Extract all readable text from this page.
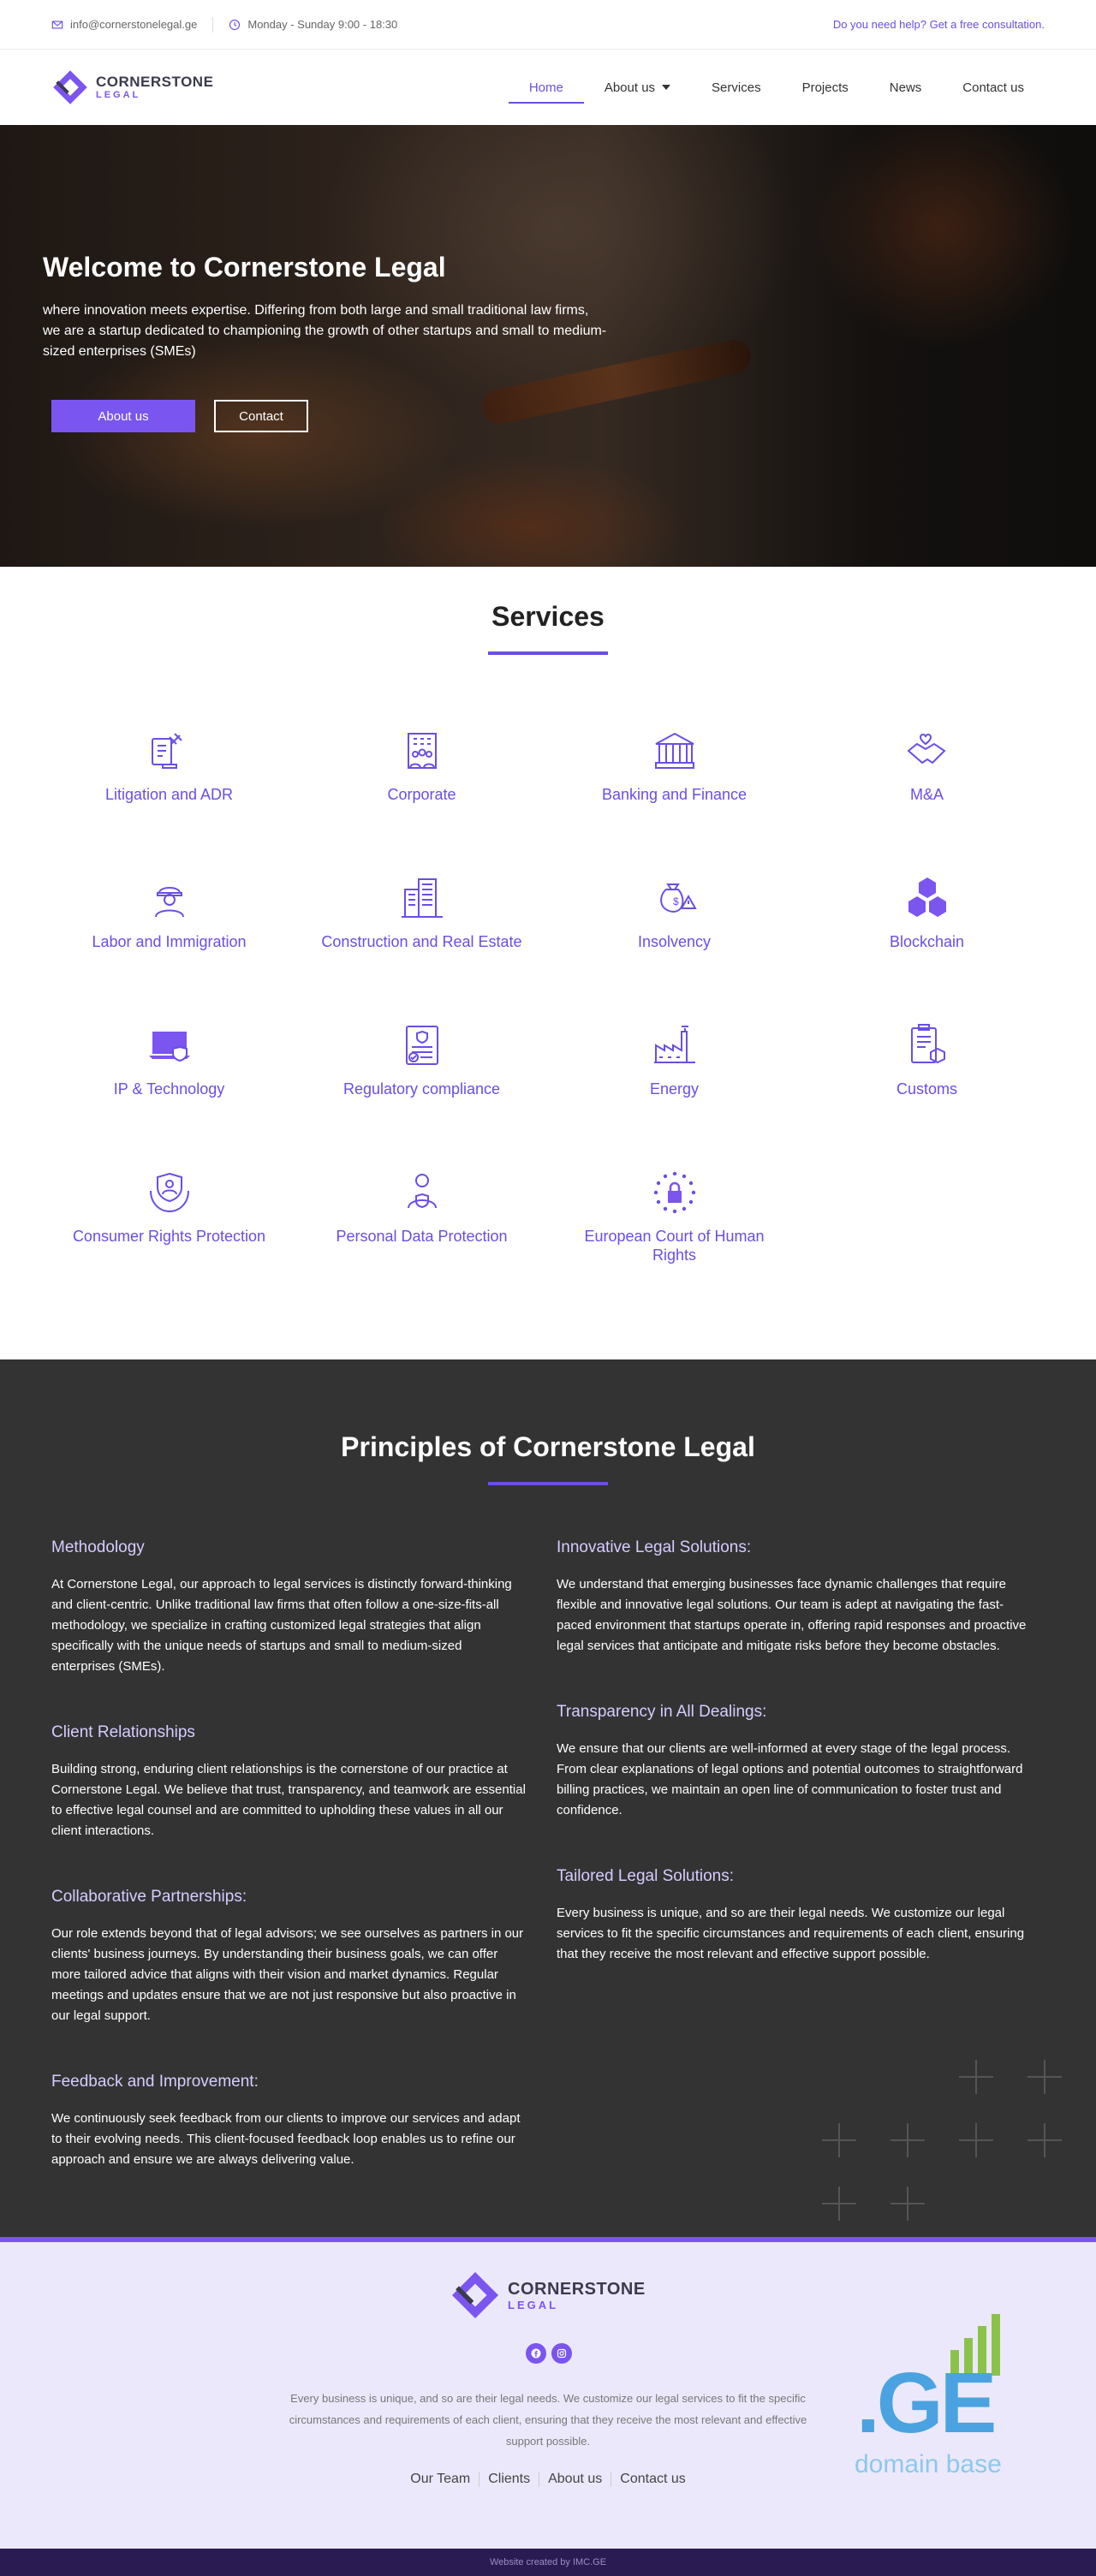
info@cornerstonelegal.ge	Monday - Sunday 9:00 - 18:30	Do you need help? Get a free consultation.
CORNERSTONE
LEGAL
Home	About us	Services	Projects	News	Contact us
Welcome to Cornerstone Legal

where innovation meets expertise. Differing from both large and small traditional law firms, we are a startup dedicated to championing the growth of other startups and small to medium-sized enterprises (SMEs)

About us	Contact
Services
Litigation and ADR	Corporate	Banking and Finance	M&A
Labor and Immigration	Construction and Real Estate
$
Insolvency	Blockchain
IP & Technology	Regulatory compliance	Energy	Customs
Consumer Rights Protection	Personal Data Protection	European Court of Human Rights
Principles of Cornerstone Legal
Methodology

At Cornerstone Legal, our approach to legal services is distinctly forward-thinking and client-centric. Unlike traditional law firms that often follow a one-size-fits-all methodology, we specialize in crafting customized legal strategies that align specifically with the unique needs of startups and small to medium-sized enterprises (SMEs).

Client Relationships

Building strong, enduring client relationships is the cornerstone of our practice at Cornerstone Legal. We believe that trust, transparency, and teamwork are essential to effective legal counsel and are committed to upholding these values in all our client interactions.

Collaborative Partnerships:

Our role extends beyond that of legal advisors; we see ourselves as partners in our clients' business journeys. By understanding their business goals, we can offer more tailored advice that aligns with their vision and market dynamics. Regular meetings and updates ensure that we are not just responsive but also proactive in our legal support.

Feedback and Improvement:

We continuously seek feedback from our clients to improve our services and adapt to their evolving needs. This client-focused feedback loop enables us to refine our approach and ensure we are always delivering value.

Innovative Legal Solutions:

We understand that emerging businesses face dynamic challenges that require flexible and innovative legal solutions. Our team is adept at navigating the fast-paced environment that startups operate in, offering rapid responses and proactive legal services that anticipate and mitigate risks before they become obstacles.

Transparency in All Dealings:

We ensure that our clients are well-informed at every stage of the legal process. From clear explanations of legal options and potential outcomes to straightforward billing practices, we maintain an open line of communication to foster trust and confidence.

Tailored Legal Solutions:

Every business is unique, and so are their legal needs. We customize our legal services to fit the specific circumstances and requirements of each client, ensuring that they receive the most relevant and effective support possible.

CORNERSTONE
LEGAL

Every business is unique, and so are their legal needs. We customize our legal services to fit the specific circumstances and requirements of each client, ensuring that they receive the most relevant and effective support possible.

Our Team	Clients	About us	Contact us
.GE
domain base
Website created by IMC.GE
